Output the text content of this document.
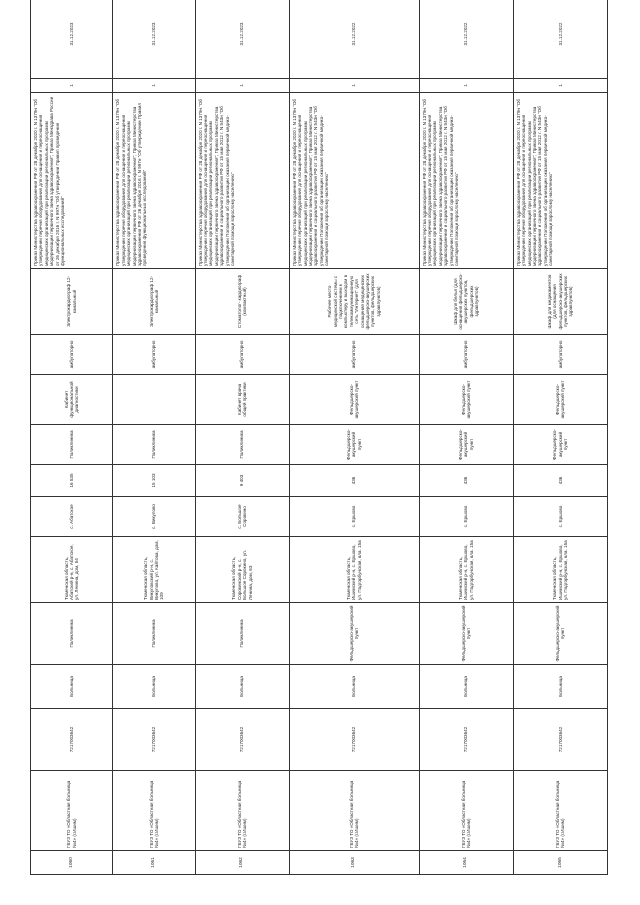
1060	ГБУЗ ТО «Областная больница №4» (г.Ишим)	7217003642	Больница	Поликлиника	Тюменская область, Абатский р-н, с. Абатское, ул. Ленина, дом, 54	с. Абатское	16 535	Поликлиника	Кабинет функциональной диагностики	амбулаторно	Электрокардиограф 12-канальный	Приказ Министерства здравоохранения РФ от 28 декабря 2020 г. N 1379н "Об утверждении перечня оборудования для оснащения и переоснащения медицинских организаций при реализации региональных программ модернизации первичного звена здравоохранения"; Приказ Минздрава России от 26 декабря 2016 г. N 997н "Об утверждении Правил проведения функциональных исследований"	1	31.12.2023
1061	ГБУЗ ТО «Областная больница №4» (г.Ишим)	7217003642	Больница	Поликлиника	Тюменская область, Викуловский р-н, с. Викулово, ул. Кайтова, дом, 109	с. Викулово	15 103	Поликлиника		амбулаторно	Электрокардиограф 12-канальный	Приказ Министерства здравоохранения РФ от 28 декабря 2020 г. N 1379н "Об утверждении перечня оборудования для оснащения и переоснащения медицинских организаций при реализации региональных программ модернизации первичного звена здравоохранения"; Приказ Министерства здравоохранения РФ от 26 декабря 2016 г. N 997н "Об утверждении Правил проведения функциональных исследований"	1	31.12.2023
1062	ГБУЗ ТО «Областная больница №4» (г.Ишим)	7217003642	Больница	Поликлиника	Тюменская область, Сорокинский р-н, с. Большое Сорокино, ул. Ленина, дом, 63	с. Большое Сорокино	9 403	Поликлиника	Кабинет врача общей практики	амбулаторно	Стоматолог- кардиограф (компактный)	Приказ Министерства здравоохранения РФ от 28 декабря 2020 г. N 1379н "Об утверждении перечня оборудования для оснащения и переоснащения медицинских организаций при реализации региональных программ модернизации первичного звена здравоохранения"; Приказ Министерства здравоохранения и социального развития РФ от 15 мая 2012 г. N 543н "Об утверждении Положения об организации оказания первичной медико-санитарной помощи взрослому населению"	1	31.12.2023
1063	ГБУЗ ТО «Областная больница №4» (г.Ишим)	7217003642	Больница	Фельдшерско-акушерский пункт	Тюменская область, Ишимский р-н, с. Ершово, ул. Подгорбунская, вла. 15а	с. Ершово	436	Фельдшерско-акушерский пункт	Фельдшерско-акушерский пункт	амбулаторно	Рабочее место медицинской системы с подключением к компьютеру и выходом в телекоммуникационную сеть "Интернет" (для оснащения медицинских фельдшерско-акушерских пунктов, фельдшерских здравпунктов)	Приказ Министерства здравоохранения РФ от 28 декабря 2020 г. N 1379н "Об утверждении перечня оборудования для оснащения и переоснащения медицинских организаций при реализации региональных программ модернизации первичного звена здравоохранения"; Приказ Министерства здравоохранения и социального развития РФ от 15 мая 2012 г. N 543н "Об утверждении Положения об организации оказания первичной медико-санитарной помощи взрослому населению"	1	31.12.2022
1064	ГБУЗ ТО «Областная больница №4» (г.Ишим)	7217003642	Больница	Фельдшерско-акушерский пункт	Тюменская область, Ишимский р-н, с. Ершово, ул. Подгорбунская, вла. 15а	с. Ершово	436	Фельдшерско-акушерский пункт	Фельдшерско-акушерский пункт	амбулаторно	Шкаф для белья (для оснащения фельдшерско-акушерских пунктов, фельдшерских здравпунктов)	Приказ Министерства здравоохранения РФ от 28 декабря 2020 г. N 1379н "Об утверждении перечня оборудования для оснащения и переоснащения медицинских организаций при реализации региональных программ модернизации первичного звена здравоохранения"; Приказ Министерства здравоохранения и социального развития РФ от 15 мая 2012 г. N 543н "Об утверждении Положения об организации оказания первичной медико-санитарной помощи взрослому населению"	1	31.12.2022
1065	ГБУЗ ТО «Областная больница №4» (г.Ишим)	7217003642	Больница	Фельдшерско-акушерский пункт	Тюменская область, Ишимский р-н, с. Ершово, ул. Подгорбунская, вла. 15а	с. Ершово	436	Фельдшерско-акушерский пункт	Фельдшерско-акушерский пункт	амбулаторно	Шкаф для медикаментов (для оснащения фельдшерско-акушерских пунктов, фельдшерских здравпунктов)	Приказ Министерства здравоохранения РФ от 28 декабря 2020 г. N 1379н "Об утверждении перечня оборудования для оснащения и переоснащения медицинских организаций при реализации региональных программ модернизации первичного звена здравоохранения"; Приказ Министерства здравоохранения и социального развития РФ от 15 мая 2012 г. N 543н "Об утверждении Положения об организации оказания первичной медико-санитарной помощи взрослому населению"	1	31.12.2022
